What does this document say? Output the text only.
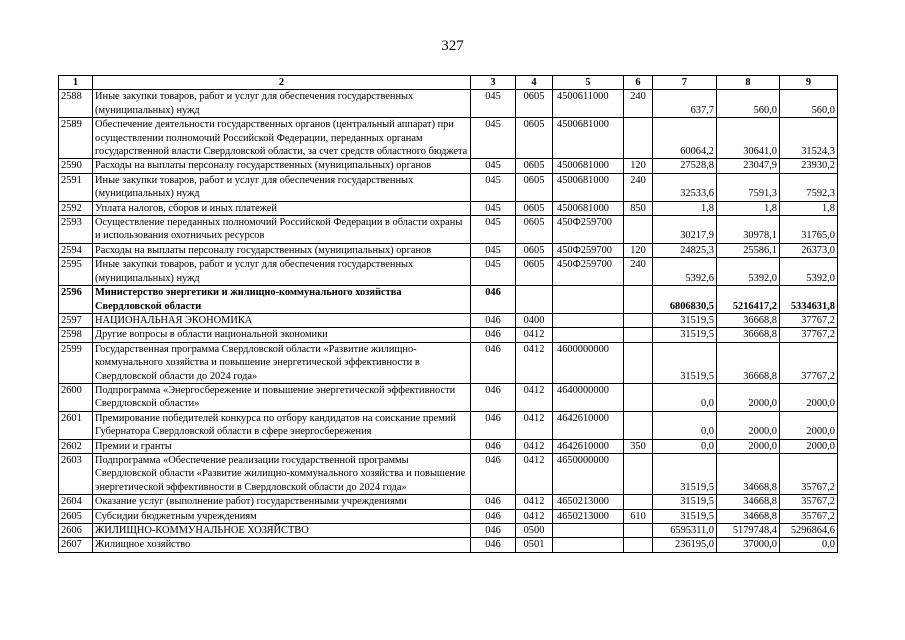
327
1	2	3	4	5	6	7	8	9
2588	Иные закупки товаров, работ и услуг для обеспечения государственных (муниципальных) нужд	045	0605	4500611000	240	637,7	560,0	560,0
2589	Обеспечение деятельности государственных органов (центральный аппарат) при осуществлении полномочий Российской Федерации, переданных органам государственной власти Свердловской области, за счет средств областного бюджета	045	0605	4500681000		60064,2	30641,0	31524,3
2590	Расходы на выплаты персоналу государственных (муниципальных) органов	045	0605	4500681000	120	27528,8	23047,9	23930,2
2591	Иные закупки товаров, работ и услуг для обеспечения государственных (муниципальных) нужд	045	0605	4500681000	240	32533,6	7591,3	7592,3
2592	Уплата налогов, сборов и иных платежей	045	0605	4500681000	850	1,8	1,8	1,8
2593	Осуществление переданных полномочий Российской Федерации в области охраны и использования охотничьих ресурсов	045	0605	450Ф259700		30217,9	30978,1	31765,0
2594	Расходы на выплаты персоналу государственных (муниципальных) органов	045	0605	450Ф259700	120	24825,3	25586,1	26373,0
2595	Иные закупки товаров, работ и услуг для обеспечения государственных (муниципальных) нужд	045	0605	450Ф259700	240	5392,6	5392,0	5392,0
2596	Министерство энергетики и жилищно-коммунального хозяйства Свердловской области	046				6806830,5	5216417,2	5334631,8
2597	НАЦИОНАЛЬНАЯ ЭКОНОМИКА	046	0400			31519,5	36668,8	37767,2
2598	Другие вопросы в области национальной экономики	046	0412			31519,5	36668,8	37767,2
2599	Государственная программа Свердловской области «Развитие жилищно-коммунального хозяйства и повышение энергетической эффективности в Свердловской области до 2024 года»	046	0412	4600000000		31519,5	36668,8	37767,2
2600	Подпрограмма «Энергосбережение и повышение энергетической эффективности Свердловской области»	046	0412	4640000000		0,0	2000,0	2000,0
2601	Премирование победителей конкурса по отбору кандидатов на соискание премий Губернатора Свердловской области в сфере энергосбережения	046	0412	4642610000		0,0	2000,0	2000,0
2602	Премии и гранты	046	0412	4642610000	350	0,0	2000,0	2000,0
2603	Подпрограмма «Обеспечение реализации государственной программы Свердловской области «Развитие жилищно-коммунального хозяйства и повышение энергетической эффективности в Свердловской области до 2024 года»	046	0412	4650000000		31519,5	34668,8	35767,2
2604	Оказание услуг (выполнение работ) государственными учреждениями	046	0412	4650213000		31519,5	34668,8	35767,2
2605	Субсидии бюджетным учреждениям	046	0412	4650213000	610	31519,5	34668,8	35767,2
2606	ЖИЛИЩНО-КОММУНАЛЬНОЕ ХОЗЯЙСТВО	046	0500			6595311,0	5179748,4	5296864,6
2607	Жилищное хозяйство	046	0501			236195,0	37000,0	0,0
